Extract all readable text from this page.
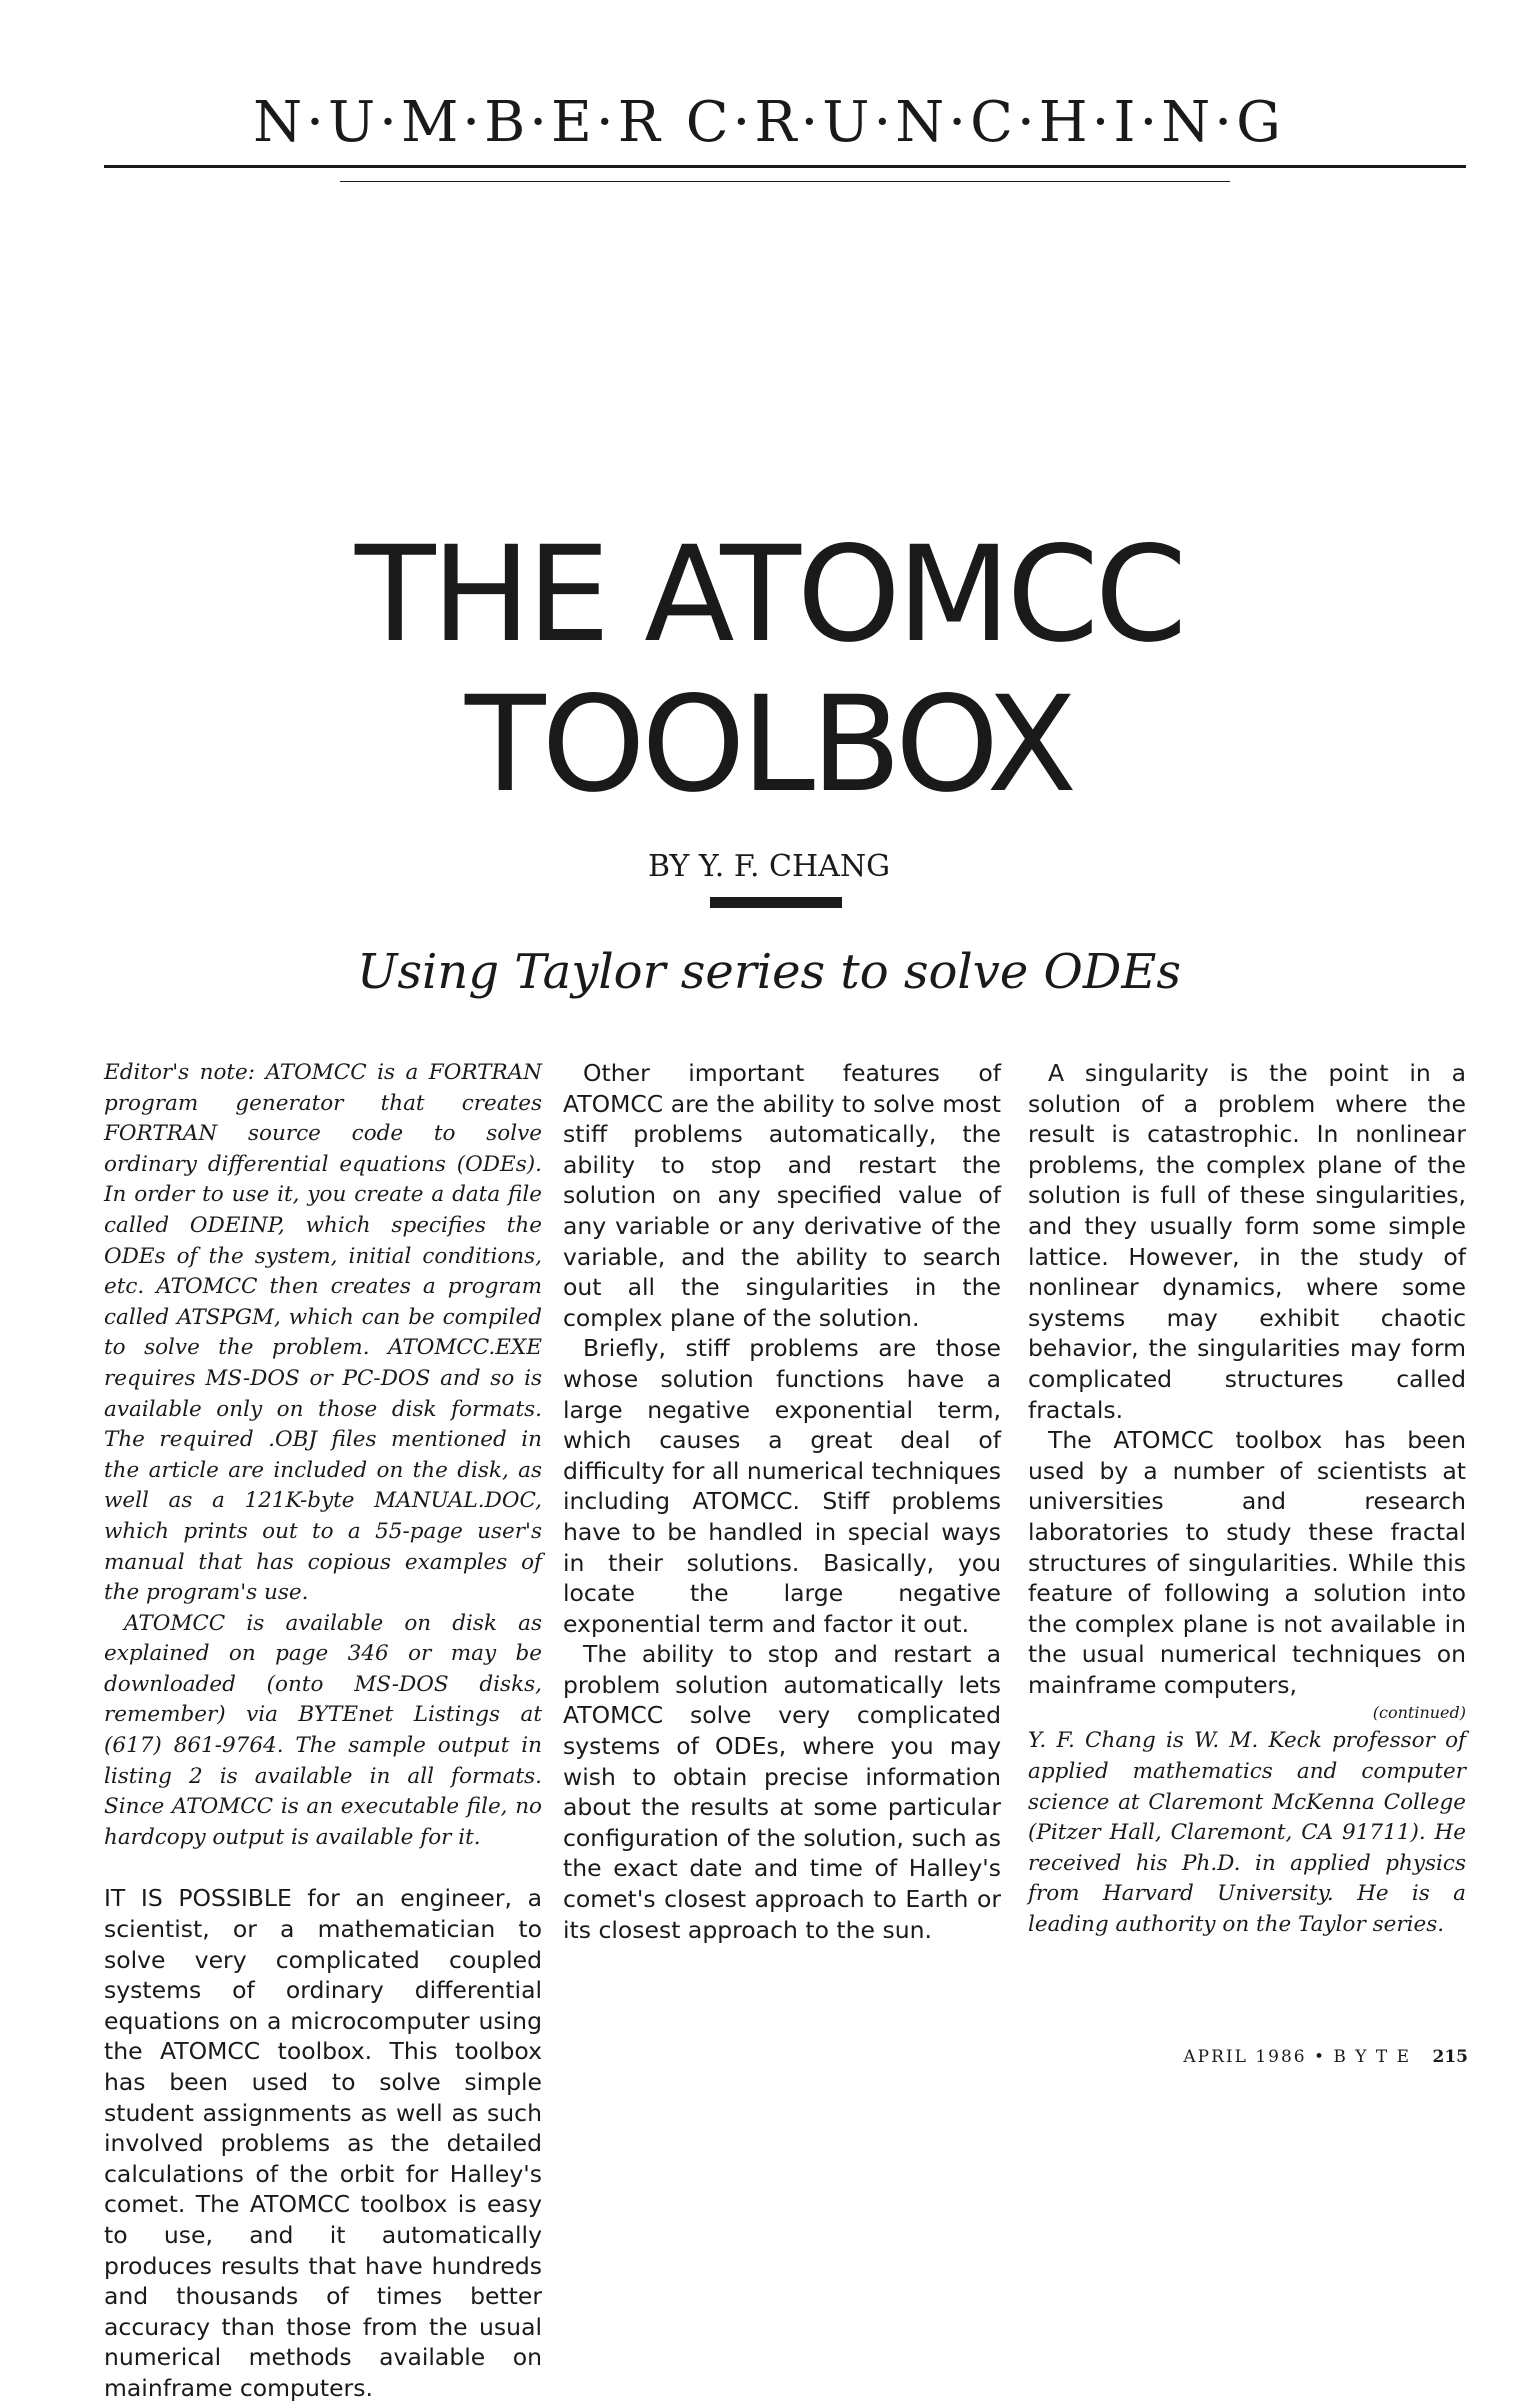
N·U·M·B·E·R C·R·U·N·C·H·I·N·G
THE ATOMCC
TOOLBOX
BY Y. F. CHANG
Using Taylor series to solve ODEs

Editor's note: ATOMCC is a FORTRAN program generator that creates FORTRAN source code to solve ordinary differential equations (ODEs). In order to use it, you create a data file called ODEINP, which specifies the ODEs of the system, initial conditions, etc. ATOMCC then creates a program called ATSPGM, which can be compiled to solve the problem. ATOMCC.EXE requires MS-DOS or PC-DOS and so is available only on those disk formats. The required .OBJ files mentioned in the article are included on the disk, as well as a 121K-byte MANUAL.DOC, which prints out to a 55-page user's manual that has copious examples of the program's use.

ATOMCC is available on disk as explained on page 346 or may be downloaded (onto MS-DOS disks, remember) via BYTEnet Listings at (617) 861-9764. The sample output in listing 2 is available in all formats. Since ATOMCC is an executable file, no hardcopy output is available for it.

IT IS POSSIBLE for an engineer, a scientist, or a mathematician to solve very complicated coupled systems of ordinary differential equations on a microcomputer using the ATOMCC toolbox. This toolbox has been used to solve simple student assignments as well as such involved problems as the detailed calculations of the orbit for Halley's comet. The ATOMCC toolbox is easy to use, and it automatically produces results that have hundreds and thousands of times better accuracy than those from the usual numerical methods available on mainframe computers.

Other important features of ATOMCC are the ability to solve most stiff problems automatically, the ability to stop and restart the solution on any specified value of any variable or any derivative of the variable, and the ability to search out all the singularities in the complex plane of the solution.

Briefly, stiff problems are those whose solution functions have a large negative exponential term, which causes a great deal of difficulty for all numerical techniques including ATOMCC. Stiff problems have to be handled in special ways in their solutions. Basically, you locate the large negative exponential term and factor it out.

The ability to stop and restart a problem solution automatically lets ATOMCC solve very complicated systems of ODEs, where you may wish to obtain precise information about the results at some particular configuration of the solution, such as the exact date and time of Halley's comet's closest approach to Earth or its closest approach to the sun.

A singularity is the point in a solution of a problem where the result is catastrophic. In nonlinear problems, the complex plane of the solution is full of these singularities, and they usually form some simple lattice. However, in the study of nonlinear dynamics, where some systems may exhibit chaotic behavior, the singularities may form complicated structures called fractals.

The ATOMCC toolbox has been used by a number of scientists at universities and research laboratories to study these fractal structures of singularities. While this feature of following a solution into the complex plane is not available in the usual numerical techniques on mainframe computers,

(continued)

Y. F. Chang is W. M. Keck professor of applied mathematics and computer science at Claremont McKenna College (Pitzer Hall, Claremont, CA 91711). He received his Ph.D. in applied physics from Harvard University. He is a leading authority on the Taylor series.

APRIL 1986 • B Y T E 215
